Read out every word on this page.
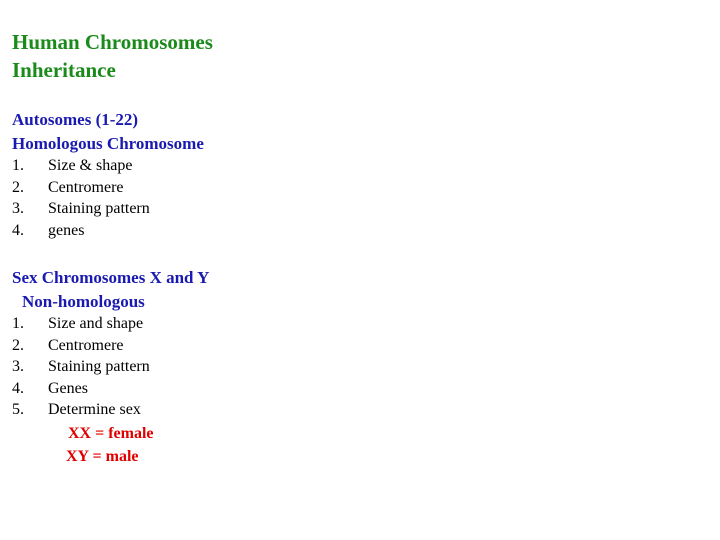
Human Chromosomes
Inheritance
Autosomes (1-22)
Homologous Chromosome
1. Size & shape
2. Centromere
3. Staining pattern
4. genes
Sex Chromosomes X and Y
Non-homologous
1. Size and shape
2. Centromere
3. Staining pattern
4. Genes
5. Determine sex

XX = female

XY = male
